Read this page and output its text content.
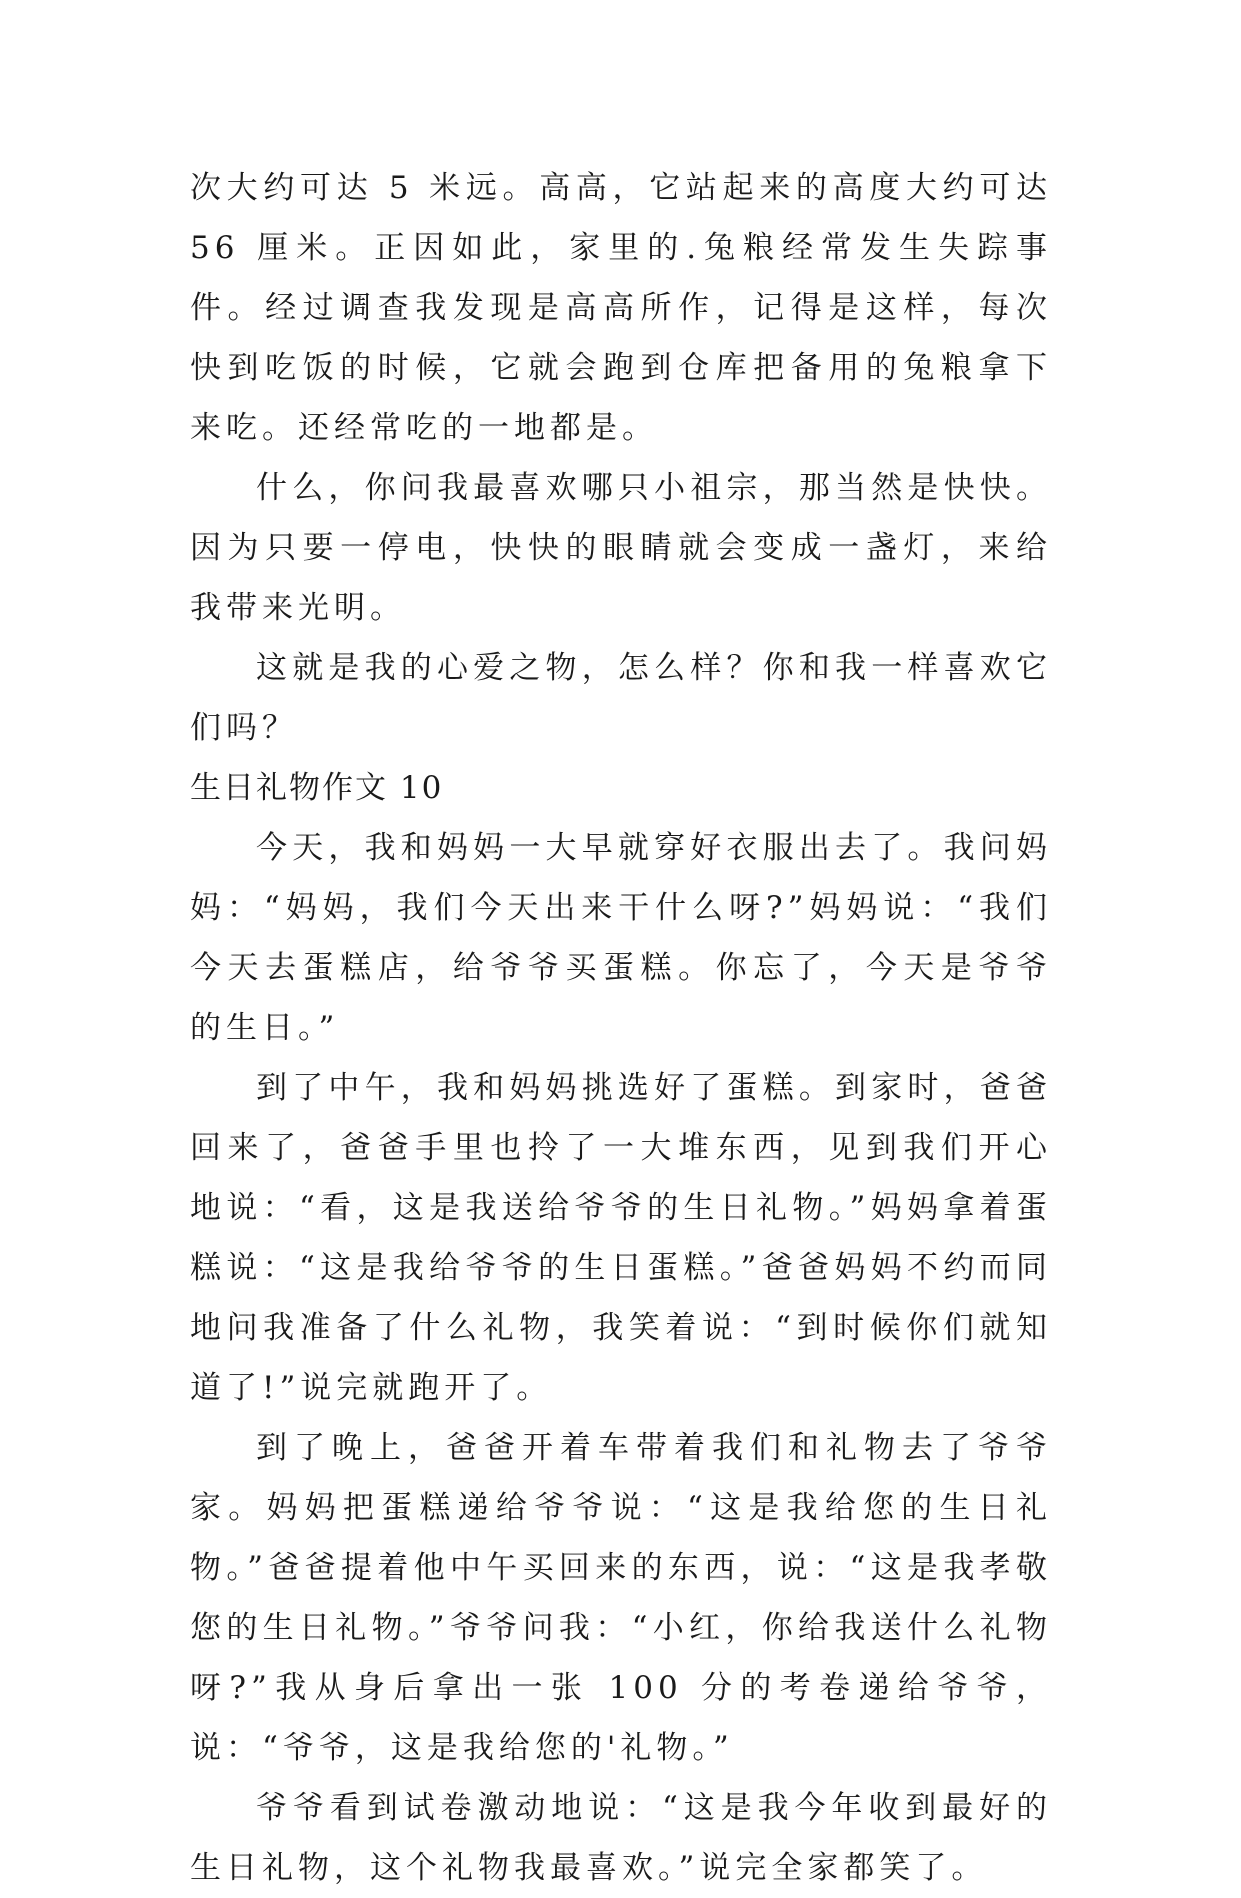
次大约可达 5 米远。高高，它站起来的高度大约可达 56 厘米。正因如此，家里的.兔粮经常发生失踪事件。经过调查我发现是高高所作，记得是这样，每次快到吃饭的时候，它就会跑到仓库把备用的兔粮拿下来吃。还经常吃的一地都是。

什么，你问我最喜欢哪只小祖宗，那当然是快快。因为只要一停电，快快的眼睛就会变成一盏灯，来给我带来光明。

这就是我的心爱之物，怎么样？你和我一样喜欢它们吗？

生日礼物作文 10

今天，我和妈妈一大早就穿好衣服出去了。我问妈妈：“妈妈，我们今天出来干什么呀?”妈妈说：“我们今天去蛋糕店，给爷爷买蛋糕。你忘了，今天是爷爷的生日。”

到了中午，我和妈妈挑选好了蛋糕。到家时，爸爸回来了，爸爸手里也拎了一大堆东西，见到我们开心地说：“看，这是我送给爷爷的生日礼物。”妈妈拿着蛋糕说：“这是我给爷爷的生日蛋糕。”爸爸妈妈不约而同地问我准备了什么礼物，我笑着说：“到时候你们就知道了!”说完就跑开了。

到了晚上，爸爸开着车带着我们和礼物去了爷爷家。妈妈把蛋糕递给爷爷说：“这是我给您的生日礼物。”爸爸提着他中午买回来的东西，说：“这是我孝敬您的生日礼物。”爷爷问我：“小红，你给我送什么礼物呀?”我从身后拿出一张 100 分的考卷递给爷爷，说：“爷爷，这是我给您的'礼物。”

爷爷看到试卷激动地说：“这是我今年收到最好的生日礼物，这个礼物我最喜欢。”说完全家都笑了。
